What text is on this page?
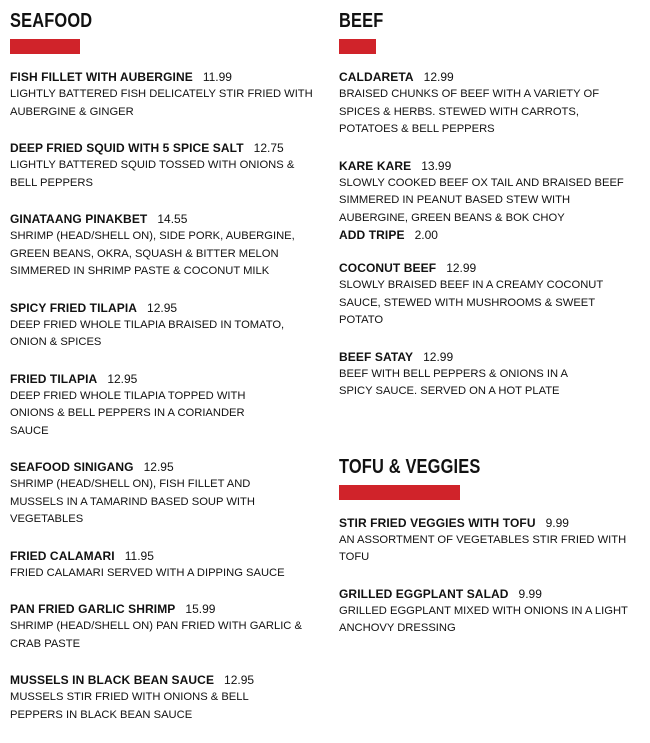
SEAFOOD
FISH FILLET WITH AUBERGINE 11.99
LIGHTLY BATTERED FISH DELICATELY STIR FRIED WITH AUBERGINE & GINGER
DEEP FRIED SQUID WITH 5 SPICE SALT 12.75
LIGHTLY BATTERED SQUID TOSSED WITH ONIONS & BELL PEPPERS
GINATAANG PINAKBET 14.55
SHRIMP (HEAD/SHELL ON), SIDE PORK, AUBERGINE, GREEN BEANS, OKRA, SQUASH & BITTER MELON SIMMERED IN SHRIMP PASTE & COCONUT MILK
SPICY FRIED TILAPIA 12.95
DEEP FRIED WHOLE TILAPIA BRAISED IN TOMATO, ONION & SPICES
FRIED TILAPIA 12.95
DEEP FRIED WHOLE TILAPIA TOPPED WITH ONIONS & BELL PEPPERS IN A CORIANDER SAUCE
SEAFOOD SINIGANG 12.95
SHRIMP (HEAD/SHELL ON), FISH FILLET AND MUSSELS IN A TAMARIND BASED SOUP WITH VEGETABLES
FRIED CALAMARI 11.95
FRIED CALAMARI SERVED WITH A DIPPING SAUCE
PAN FRIED GARLIC SHRIMP 15.99
SHRIMP (HEAD/SHELL ON) PAN FRIED WITH GARLIC & CRAB PASTE
MUSSELS IN BLACK BEAN SAUCE 12.95
MUSSELS STIR FRIED WITH ONIONS & BELL PEPPERS IN BLACK BEAN SAUCE
BEEF
CALDARETA 12.99
BRAISED CHUNKS OF BEEF WITH A VARIETY OF SPICES & HERBS. STEWED WITH CARROTS, POTATOES & BELL PEPPERS
KARE KARE 13.99
SLOWLY COOKED BEEF OX TAIL AND BRAISED BEEF SIMMERED IN PEANUT BASED STEW WITH AUBERGINE, GREEN BEANS & BOK CHOY
ADD TRIPE 2.00
COCONUT BEEF 12.99
SLOWLY BRAISED BEEF IN A CREAMY COCONUT SAUCE, STEWED WITH MUSHROOMS & SWEET POTATO
BEEF SATAY 12.99
BEEF WITH BELL PEPPERS & ONIONS IN A SPICY SAUCE. SERVED ON A HOT PLATE
TOFU & VEGGIES
STIR FRIED VEGGIES WITH TOFU 9.99
AN ASSORTMENT OF VEGETABLES STIR FRIED WITH TOFU
GRILLED EGGPLANT SALAD 9.99
GRILLED EGGPLANT MIXED WITH ONIONS IN A LIGHT ANCHOVY DRESSING
